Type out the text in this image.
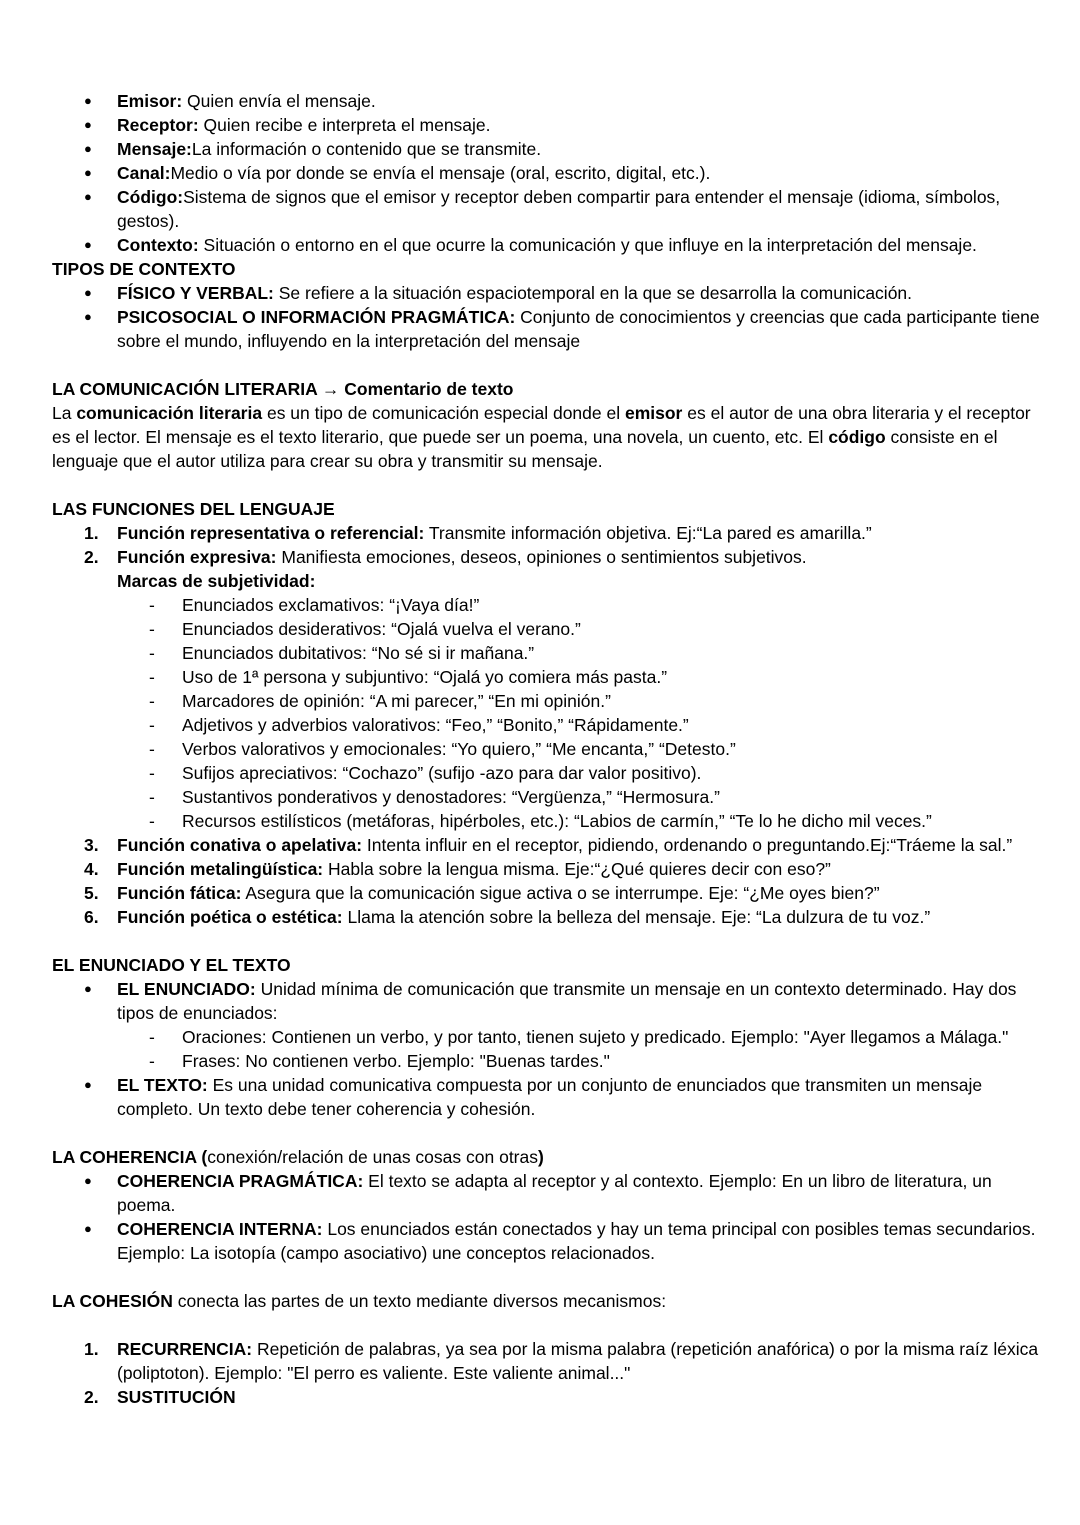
● Emisor: Quien envía el mensaje.
● Receptor: Quien recibe e interpreta el mensaje.
● Mensaje:La información o contenido que se transmite.
● Canal:Medio o vía por donde se envía el mensaje (oral, escrito, digital, etc.).
● Código:Sistema de signos que el emisor y receptor deben compartir para entender el mensaje (idioma, símbolos, gestos).
● Contexto: Situación o entorno en el que ocurre la comunicación y que influye en la interpretación del mensaje.
TIPOS DE CONTEXTO
● FÍSICO Y VERBAL: Se refiere a la situación espaciotemporal en la que se desarrolla la comunicación.
● PSICOSOCIAL O INFORMACIÓN PRAGMÁTICA: Conjunto de conocimientos y creencias que cada participante tiene sobre el mundo, influyendo en la interpretación del mensaje
LA COMUNICACIÓN LITERARIA → Comentario de texto
La comunicación literaria es un tipo de comunicación especial donde el emisor es el autor de una obra literaria y el receptor es el lector. El mensaje es el texto literario, que puede ser un poema, una novela, un cuento, etc. El código consiste en el lenguaje que el autor utiliza para crear su obra y transmitir su mensaje.
LAS FUNCIONES DEL LENGUAJE
1. Función representativa o referencial: Transmite información objetiva. Ej:“La pared es amarilla.”
2. Función expresiva: Manifiesta emociones, deseos, opiniones o sentimientos subjetivos.
Marcas de subjetividad:
- Enunciados exclamativos: “¡Vaya día!”
- Enunciados desiderativos: “Ojalá vuelva el verano.”
- Enunciados dubitativos: “No sé si ir mañana.”
- Uso de 1ª persona y subjuntivo: “Ojalá yo comiera más pasta.”
- Marcadores de opinión: “A mi parecer,” “En mi opinión.”
- Adjetivos y adverbios valorativos: “Feo,” “Bonito,” “Rápidamente.”
- Verbos valorativos y emocionales: “Yo quiero,” “Me encanta,” “Detesto.”
- Sufijos apreciativos: “Cochazo” (sufijo -azo para dar valor positivo).
- Sustantivos ponderativos y denostadores: “Vergüenza,” “Hermosura.”
- Recursos estilísticos (metáforas, hipérboles, etc.): “Labios de carmín,” “Te lo he dicho mil veces.”
3. Función conativa o apelativa: Intenta influir en el receptor, pidiendo, ordenando o preguntando.Ej:“Tráeme la sal.”
4. Función metalingüística: Habla sobre la lengua misma. Eje:“¿Qué quieres decir con eso?”
5. Función fática: Asegura que la comunicación sigue activa o se interrumpe. Eje: “¿Me oyes bien?”
6. Función poética o estética: Llama la atención sobre la belleza del mensaje. Eje: “La dulzura de tu voz.”
EL ENUNCIADO Y EL TEXTO
● EL ENUNCIADO: Unidad mínima de comunicación que transmite un mensaje en un contexto determinado. Hay dos tipos de enunciados:
- Oraciones: Contienen un verbo, y por tanto, tienen sujeto y predicado. Ejemplo: "Ayer llegamos a Málaga."
- Frases: No contienen verbo. Ejemplo: "Buenas tardes."
● EL TEXTO: Es una unidad comunicativa compuesta por un conjunto de enunciados que transmiten un mensaje completo. Un texto debe tener coherencia y cohesión.
LA COHERENCIA (conexión/relación de unas cosas con otras)
● COHERENCIA PRAGMÁTICA: El texto se adapta al receptor y al contexto. Ejemplo: En un libro de literatura, un poema.
● COHERENCIA INTERNA: Los enunciados están conectados y hay un tema principal con posibles temas secundarios. Ejemplo: La isotopía (campo asociativo) une conceptos relacionados.
LA COHESIÓN conecta las partes de un texto mediante diversos mecanismos:
1. RECURRENCIA: Repetición de palabras, ya sea por la misma palabra (repetición anafórica) o por la misma raíz léxica (poliptoton). Ejemplo: "El perro es valiente. Este valiente animal..."
2. SUSTITUCIÓN
